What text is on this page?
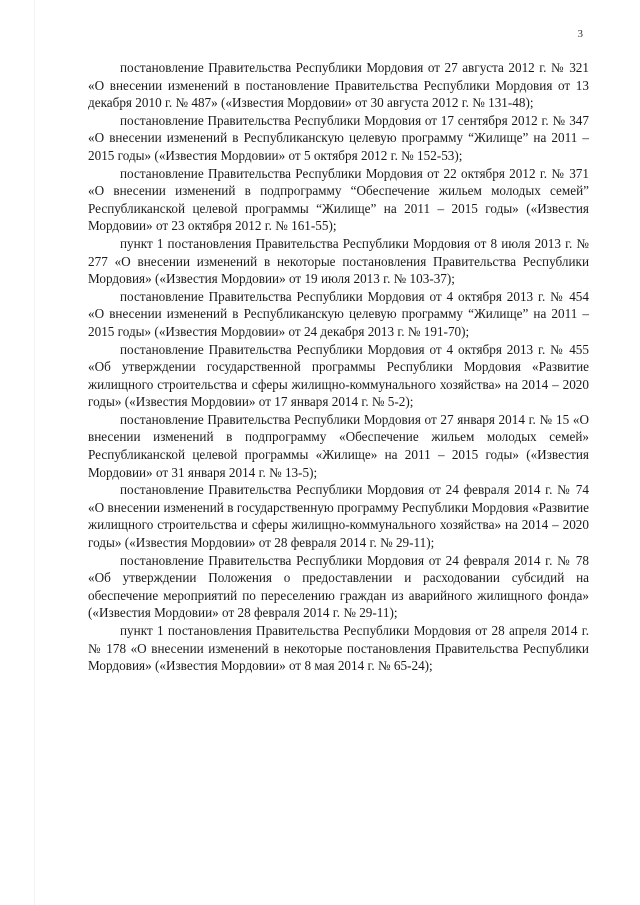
3

постановление Правительства Республики Мордовия от 27 августа 2012 г. № 321 «О внесении изменений в постановление Правительства Республики Мордовия от 13 декабря 2010 г. № 487» («Известия Мордовии» от 30 августа 2012 г. № 131-48);

постановление Правительства Республики Мордовия от 17 сентября 2012 г. № 347 «О внесении изменений в Республиканскую целевую программу “Жилище” на 2011 – 2015 годы» («Известия Мордовии» от 5 октября 2012 г. № 152-53);

постановление Правительства Республики Мордовия от 22 октября 2012 г. № 371 «О внесении изменений в подпрограмму “Обеспечение жильем молодых семей” Республиканской целевой программы “Жилище” на 2011 – 2015 годы» («Известия Мордовии» от 23 октября 2012 г. № 161-55);

пункт 1 постановления Правительства Республики Мордовия от 8 июля 2013 г. № 277 «О внесении изменений в некоторые постановления Правительства Республики Мордовия» («Известия Мордовии» от 19 июля 2013 г. № 103-37);

постановление Правительства Республики Мордовия от 4 октября 2013 г. № 454 «О внесении изменений в Республиканскую целевую программу “Жилище” на 2011 – 2015 годы» («Известия Мордовии» от 24 декабря 2013 г. № 191-70);

постановление Правительства Республики Мордовия от 4 октября 2013 г. № 455 «Об утверждении государственной программы Республики Мордовия «Развитие жилищного строительства и сферы жилищно-коммунального хозяйства» на 2014 – 2020 годы» («Известия Мордовии» от 17 января 2014 г. № 5-2);

постановление Правительства Республики Мордовия от 27 января 2014 г. № 15 «О внесении изменений в подпрограмму «Обеспечение жильем молодых семей» Республиканской целевой программы «Жилище» на 2011 – 2015 годы» («Известия Мордовии» от 31 января 2014 г. № 13-5);

постановление Правительства Республики Мордовия от 24 февраля 2014 г. № 74 «О внесении изменений в государственную программу Республики Мордовия «Развитие жилищного строительства и сферы жилищно-коммунального хозяйства» на 2014 – 2020 годы» («Известия Мордовии» от 28 февраля 2014 г. № 29-11);

постановление Правительства Республики Мордовия от 24 февраля 2014 г. № 78 «Об утверждении Положения о предоставлении и расходовании субсидий на обеспечение мероприятий по переселению граждан из аварийного жилищного фонда» («Известия Мордовии» от 28 февраля 2014 г. № 29-11);

пункт 1 постановления Правительства Республики Мордовия от 28 апреля 2014 г. № 178 «О внесении изменений в некоторые постановления Правительства Республики Мордовия» («Известия Мордовии» от 8 мая 2014 г. № 65-24);
